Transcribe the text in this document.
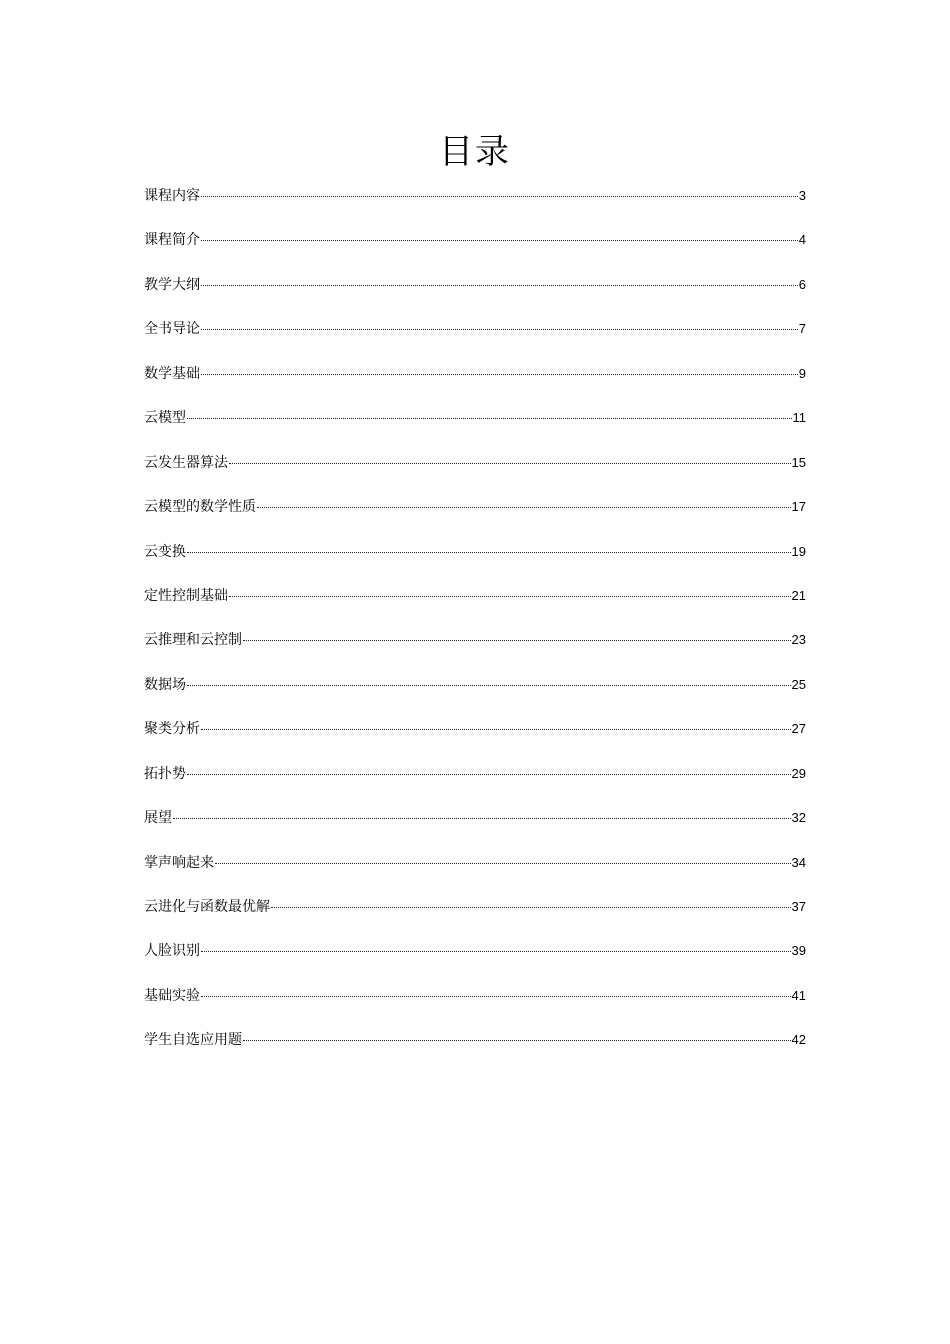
目录
课程内容	3
课程简介	4
教学大纲	6
全书导论	7
数学基础	9
云模型	11
云发生器算法	15
云模型的数学性质	17
云变换	19
定性控制基础	21
云推理和云控制	23
数据场	25
聚类分析	27
拓扑势	29
展望	32
掌声响起来	34
云进化与函数最优解	37
人脸识别	39
基础实验	41
学生自选应用题	42
